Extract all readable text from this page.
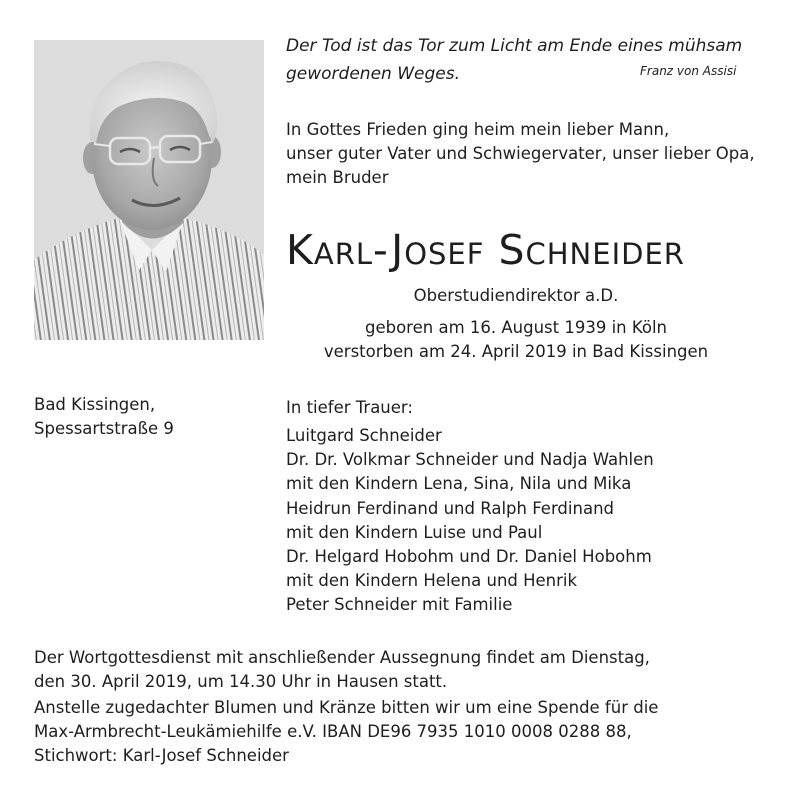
Der Tod ist das Tor zum Licht am Ende eines mühsam
gewordenen Weges.	Franz von Assisi
In Gottes Frieden ging heim mein lieber Mann,
unser guter Vater und Schwiegervater, unser lieber Opa,
mein Bruder
Karl-Josef Schneider
Oberstudiendirektor a.D.
geboren am 16. August 1939 in Köln
verstorben am 24. April 2019 in Bad Kissingen
Bad Kissingen,
Spessartstraße 9
In tiefer Trauer:
Luitgard Schneider
Dr. Dr. Volkmar Schneider und Nadja Wahlen
mit den Kindern Lena, Sina, Nila und Mika
Heidrun Ferdinand und Ralph Ferdinand
mit den Kindern Luise und Paul
Dr. Helgard Hobohm und Dr. Daniel Hobohm
mit den Kindern Helena und Henrik
Peter Schneider mit Familie
Der Wortgottesdienst mit anschließender Aussegnung findet am Dienstag,
den 30. April 2019, um 14.30 Uhr in Hausen statt.
Anstelle zugedachter Blumen und Kränze bitten wir um eine Spende für die
Max-Armbrecht-Leukämiehilfe e.V. IBAN DE96 7935 1010 0008 0288 88,
Stichwort: Karl-Josef Schneider
